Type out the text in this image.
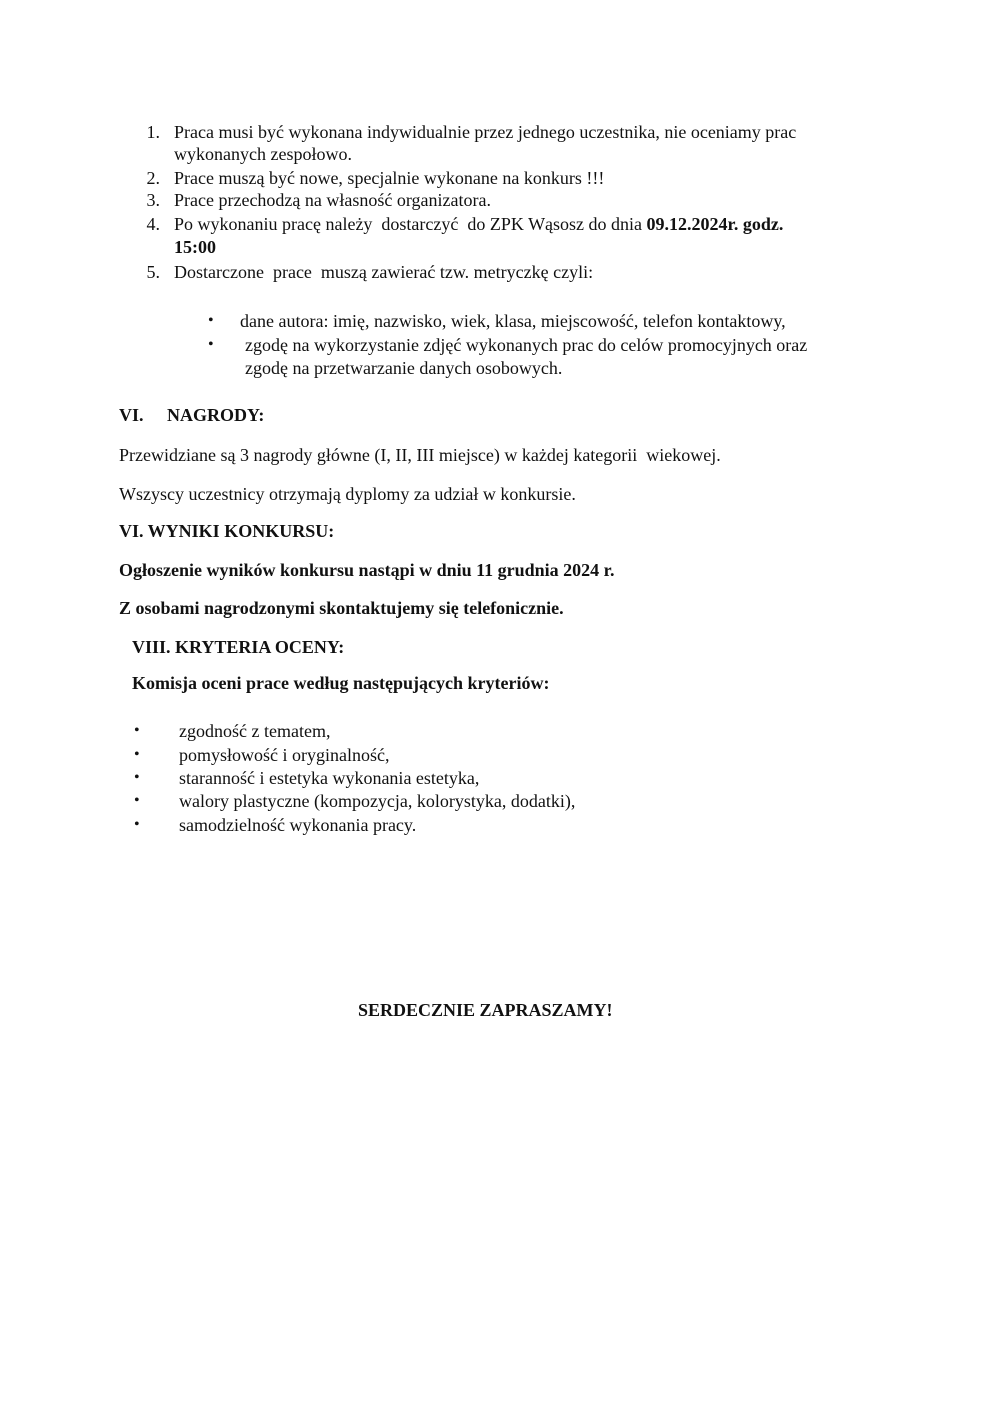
1. Praca musi być wykonana indywidualnie przez jednego uczestnika, nie oceniamy prac
wykonanych zespołowo.
2. Prace muszą być nowe, specjalnie wykonane na konkurs !!!
3. Prace przechodzą na własność organizatora.
4. Po wykonaniu pracę należy  dostarczyć  do ZPK Wąsosz do dnia 09.12.2024r. godz.
15:00
5. Dostarczone  prace  muszą zawierać tzw. metryczkę czyli:
• dane autora: imię, nazwisko, wiek, klasa, miejscowość, telefon kontaktowy,
• zgodę na wykorzystanie zdjęć wykonanych prac do celów promocyjnych oraz
zgodę na przetwarzanie danych osobowych.
VI. NAGRODY:
Przewidziane są 3 nagrody główne (I, II, III miejsce) w każdej kategorii  wiekowej.
Wszyscy uczestnicy otrzymają dyplomy za udział w konkursie.
VI. WYNIKI KONKURSU:
Ogłoszenie wyników konkursu nastąpi w dniu 11 grudnia 2024 r.
Z osobami nagrodzonymi skontaktujemy się telefonicznie.
VIII. KRYTERIA OCENY:
Komisja oceni prace według następujących kryteriów:
• zgodność z tematem,
• pomysłowość i oryginalność,
• staranność i estetyka wykonania estetyka,
• walory plastyczne (kompozycja, kolorystyka, dodatki),
• samodzielność wykonania pracy.
SERDECZNIE ZAPRASZAMY!
